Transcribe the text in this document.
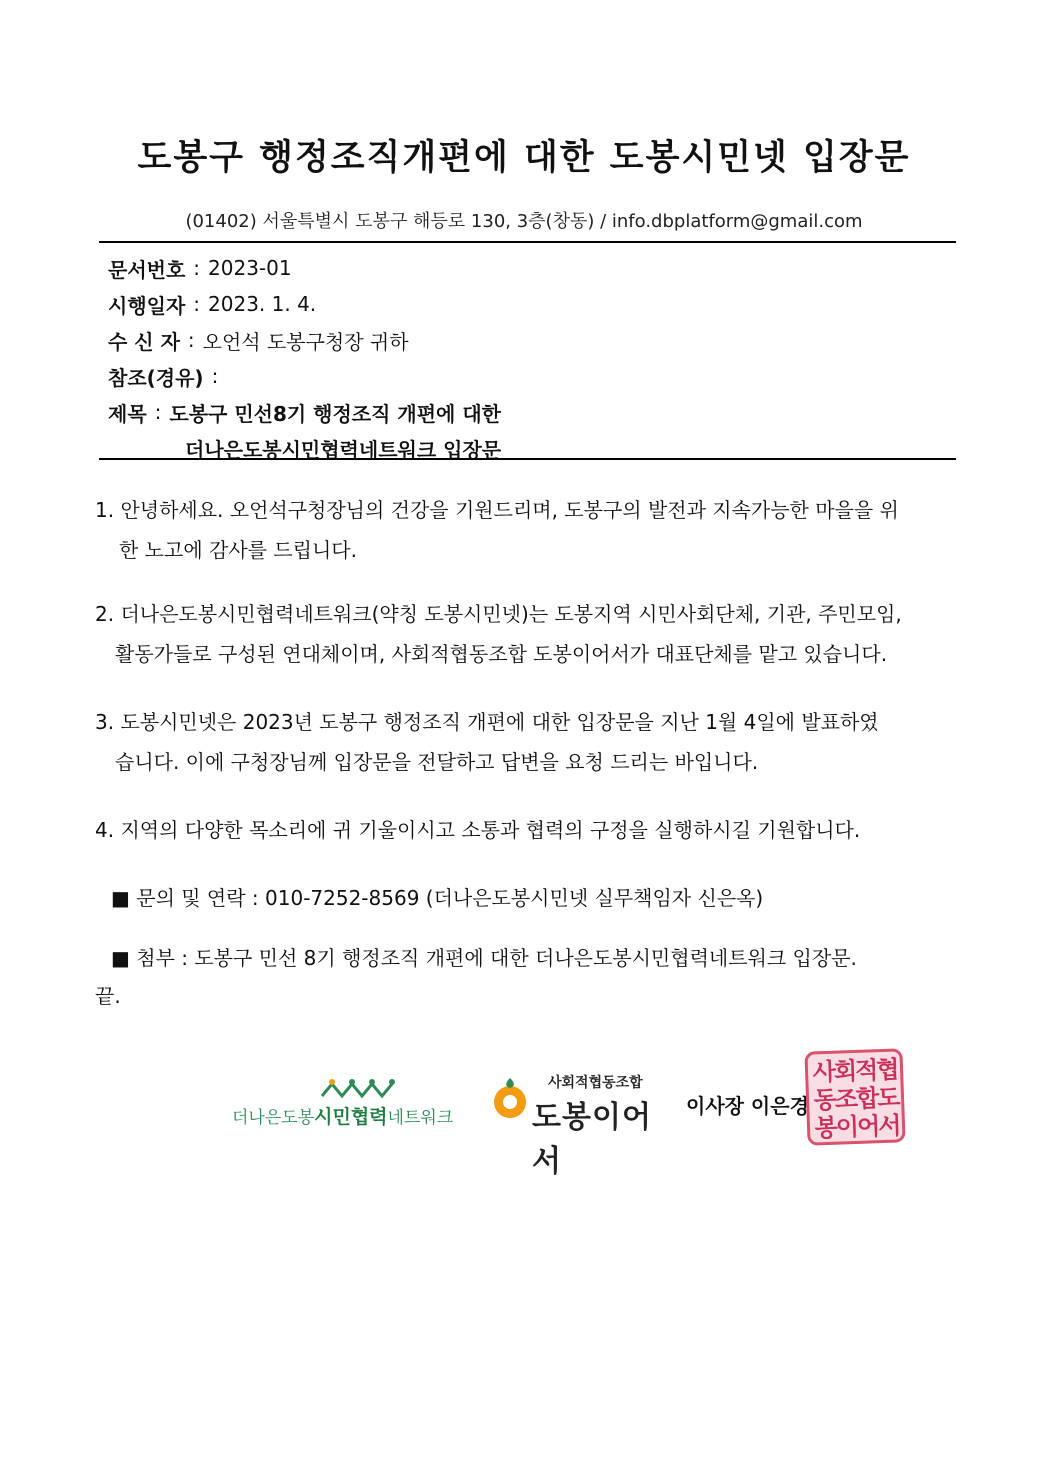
도봉구 행정조직개편에 대한 도봉시민넷 입장문
(01402) 서울특별시 도봉구 해등로 130, 3층(창동) / info.dbplatform@gmail.com
문서번호 : 2023-01
시행일자 : 2023. 1. 4.
수 신 자 : 오언석 도봉구청장 귀하
참조(경유) :
제목 : 도봉구 민선8기 행정조직 개편에 대한
더나은도봉시민협력네트워크 입장문
1. 안녕하세요. 오언석구청장님의 건강을 기원드리며, 도봉구의 발전과 지속가능한 마을을 위
한 노고에 감사를 드립니다.
2. 더나은도봉시민협력네트워크(약칭 도봉시민넷)는 도봉지역 시민사회단체, 기관, 주민모임,
활동가들로 구성된 연대체이며, 사회적협동조합 도봉이어서가 대표단체를 맡고 있습니다.
3. 도봉시민넷은 2023년 도봉구 행정조직 개편에 대한 입장문을 지난 1월 4일에 발표하였
습니다. 이에 구청장님께 입장문을 전달하고 답변을 요청 드리는 바입니다.
4. 지역의 다양한 목소리에 귀 기울이시고 소통과 협력의 구정을 실행하시길 기원합니다.
■ 문의 및 연락 : 010-7252-8569 (더나은도봉시민넷 실무책임자 신은옥)
■ 첨부 : 도봉구 민선 8기 행정조직 개편에 대한 더나은도봉시민협력네트워크 입장문.
끝.
더나은도봉시민협력네트워크
사회적협동조합
도봉이어서
이사장 이은경
사회적협동조합도봉이어서
